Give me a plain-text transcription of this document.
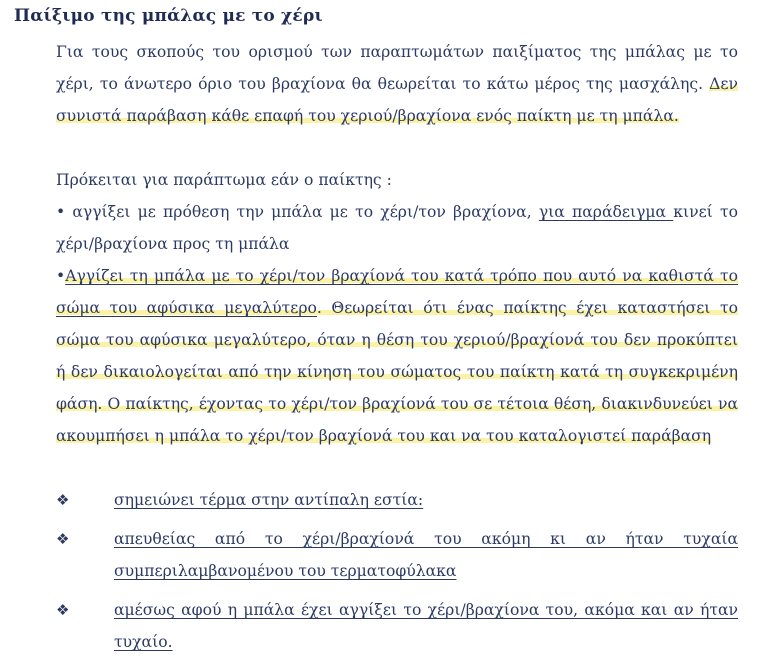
Παίξιμο της μπάλας με το χέρι
Για τους σκοπούς του ορισμού των παραπτωμάτων παιξίματος της μπάλας με το χέρι, το άνωτερο όριο του βραχίονα θα θεωρείται το κάτω μέρος της μασχάλης. Δεν συνιστά παράβαση κάθε επαφή του χεριού/βραχίονα ενός παίκτη με τη μπάλα.
Πρόκειται για παράπτωμα εάν ο παίκτης :
• αγγίξει με πρόθεση την μπάλα με το χέρι/τον βραχίονα, για παράδειγμα κινεί το χέρι/βραχίονα προς τη μπάλα
•Αγγίζει τη μπάλα με το χέρι/τον βραχίονά του κατά τρόπο που αυτό να καθιστά το σώμα του αφύσικα μεγαλύτερο. Θεωρείται ότι ένας παίκτης έχει καταστήσει το σώμα του αφύσικα μεγαλύτερο, όταν η θέση του χεριού/βραχίονά του δεν προκύπτει ή δεν δικαιολογείται από την κίνηση του σώματος του παίκτη κατά τη συγκεκριμένη φάση. Ο παίκτης, έχοντας το χέρι/τον βραχίονά του σε τέτοια θέση, διακινδυνεύει να ακουμπήσει η μπάλα το χέρι/τον βραχίονά του και να του καταλογιστεί παράβαση
❖	σημειώνει τέρμα στην αντίπαλη εστία:
❖	απευθείας από το χέρι/βραχίονά του ακόμη κι αν ήταν τυχαία συμπεριλαμβανομένου του τερματοφύλακα
❖	αμέσως αφού η μπάλα έχει αγγίξει το χέρι/βραχίονα του, ακόμα και αν ήταν τυχαίο.
